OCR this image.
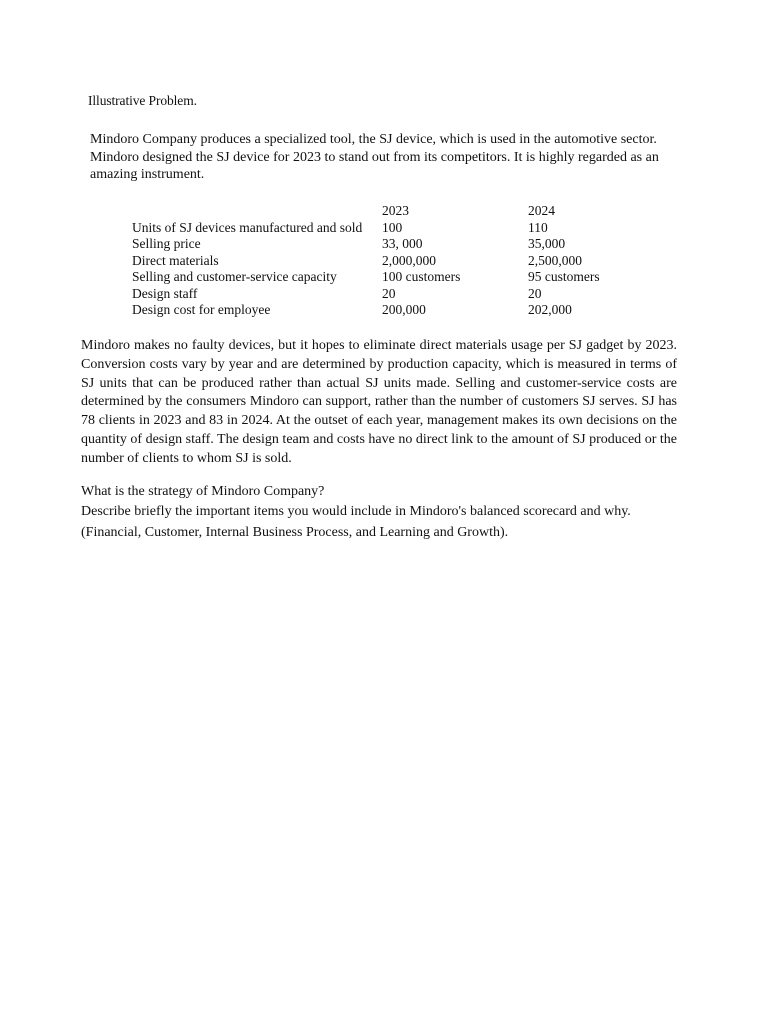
Illustrative Problem.

Mindoro Company produces a specialized tool, the SJ device, which is used in the automotive sector. Mindoro designed the SJ device for 2023 to stand out from its competitors. It is highly regarded as an amazing instrument.

	2023	2024
Units of SJ devices manufactured and sold	100	110
Selling price	33, 000	35,000
Direct materials	2,000,000	2,500,000
Selling and customer-service capacity	100 customers	95 customers
Design staff	20	20
Design cost for employee	200,000	202,000

Mindoro makes no faulty devices, but it hopes to eliminate direct materials usage per SJ gadget by 2023. Conversion costs vary by year and are determined by production capacity, which is measured in terms of SJ units that can be produced rather than actual SJ units made. Selling and customer-service costs are determined by the consumers Mindoro can support, rather than the number of customers SJ serves. SJ has 78 clients in 2023 and 83 in 2024. At the outset of each year, management makes its own decisions on the quantity of design staff. The design team and costs have no direct link to the amount of SJ produced or the number of clients to whom SJ is sold.

What is the strategy of Mindoro Company?

Describe briefly the important items you would include in Mindoro's balanced scorecard and why.

(Financial, Customer, Internal Business Process, and Learning and Growth).
